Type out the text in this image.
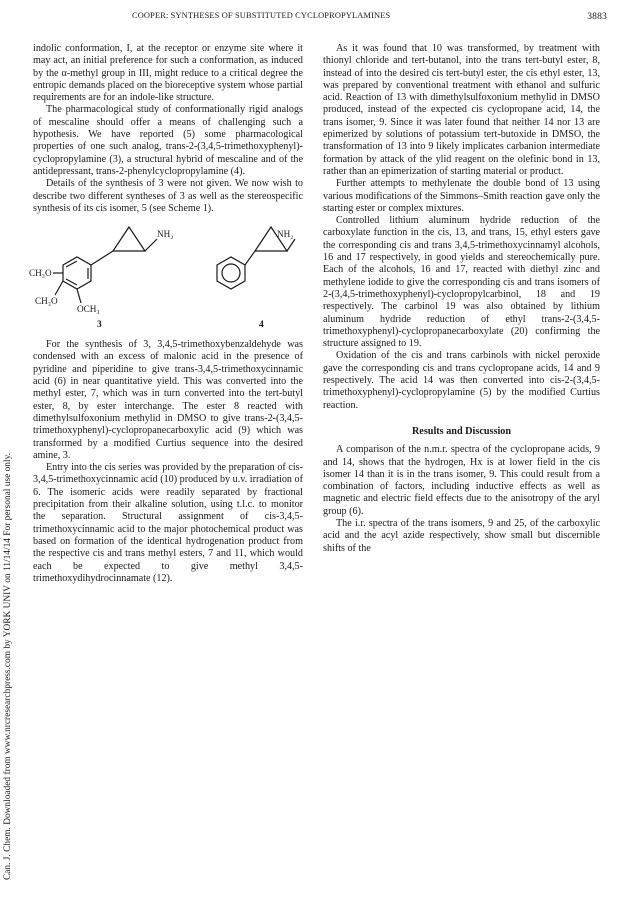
COOPER: SYNTHESES OF SUBSTITUTED CYCLOPROPYLAMINES	3883
Can. J. Chem. Downloaded from www.nrcresearchpress.com by YORK UNIV on 11/14/14 For personal use only.

indolic conformation, I, at the receptor or enzyme site where it may act, an initial preference for such a conformation, as induced by the α-methyl group in III, might reduce to a critical degree the entropic demands placed on the bioreceptive system whose partial requirements are for an indole-like structure.

The pharmacological study of conformationally rigid analogs of mescaline should offer a means of challenging such a hypothesis. We have reported (5) some pharmacological properties of one such analog, trans-2-(3,4,5-trimethoxyphenyl)-cyclopropylamine (3), a structural hybrid of mescaline and of the antidepressant, trans-2-phenylcyclopropylamine (4).

Details of the synthesis of 3 were not given. We now wish to describe two different syntheses of 3 as well as the stereospecific synthesis of its cis isomer, 5 (see Scheme 1).

NH₂	NH₂
CH₃O
CH₃O
OCH₃
3	4

For the synthesis of 3, 3,4,5-trimethoxybenzaldehyde was condensed with an excess of malonic acid in the presence of pyridine and piperidine to give trans-3,4,5-trimethoxycinnamic acid (6) in near quantitative yield. This was converted into the methyl ester, 7, which was in turn converted into the tert-butyl ester, 8, by ester interchange. The ester 8 reacted with dimethylsulfoxonium methylid in DMSO to give trans-2-(3,4,5-trimethoxyphenyl)-cyclopropanecarboxylic acid (9) which was transformed by a modified Curtius sequence into the desired amine, 3.

Entry into the cis series was provided by the preparation of cis-3,4,5-trimethoxycinnamic acid (10) produced by u.v. irradiation of 6. The isomeric acids were readily separated by fractional precipitation from their alkaline solution, using t.l.c. to monitor the separation. Structural assignment of cis-3,4,5-trimethoxycinnamic acid to the major photochemical product was based on formation of the identical hydrogenation product from the respective cis and trans methyl esters, 7 and 11, which would each be expected to give methyl 3,4,5-trimethoxydihydrocinnamate (12).

As it was found that 10 was transformed, by treatment with thionyl chloride and tert-butanol, into the trans tert-butyl ester, 8, instead of into the desired cis tert-butyl ester, the cis ethyl ester, 13, was prepared by conventional treatment with ethanol and sulfuric acid. Reaction of 13 with dimethylsulfoxonium methylid in DMSO produced, instead of the expected cis cyclopropane acid, 14, the trans isomer, 9. Since it was later found that neither 14 nor 13 are epimerized by solutions of potassium tert-butoxide in DMSO, the transformation of 13 into 9 likely implicates carbanion intermediate formation by attack of the ylid reagent on the olefinic bond in 13, rather than an epimerization of starting material or product.

Further attempts to methylenate the double bond of 13 using various modifications of the Simmons–Smith reaction gave only the starting ester or complex mixtures.

Controlled lithium aluminum hydride reduction of the carboxylate function in the cis, 13, and trans, 15, ethyl esters gave the corresponding cis and trans 3,4,5-trimethoxycinnamyl alcohols, 16 and 17 respectively, in good yields and stereochemically pure. Each of the alcohols, 16 and 17, reacted with diethyl zinc and methylene iodide to give the corresponding cis and trans isomers of 2-(3,4,5-trimethoxyphenyl)-cyclopropylcarbinol, 18 and 19 respectively. The carbinol 19 was also obtained by lithium aluminum hydride reduction of ethyl trans-2-(3,4,5-trimethoxyphenyl)-cyclopropanecarboxylate (20) confirming the structure assigned to 19.

Oxidation of the cis and trans carbinols with nickel peroxide gave the corresponding cis and trans cyclopropane acids, 14 and 9 respectively. The acid 14 was then converted into cis-2-(3,4,5-trimethoxyphenyl)-cyclopropylamine (5) by the modified Curtius reaction.

Results and Discussion

A comparison of the n.m.r. spectra of the cyclopropane acids, 9 and 14, shows that the hydrogen, Hx is at lower field in the cis isomer 14 than it is in the trans isomer, 9. This could result from a combination of factors, including inductive effects as well as magnetic and electric field effects due to the anisotropy of the aryl group (6).

The i.r. spectra of the trans isomers, 9 and 25, of the carboxylic acid and the acyl azide respectively, show small but discernible shifts of the
